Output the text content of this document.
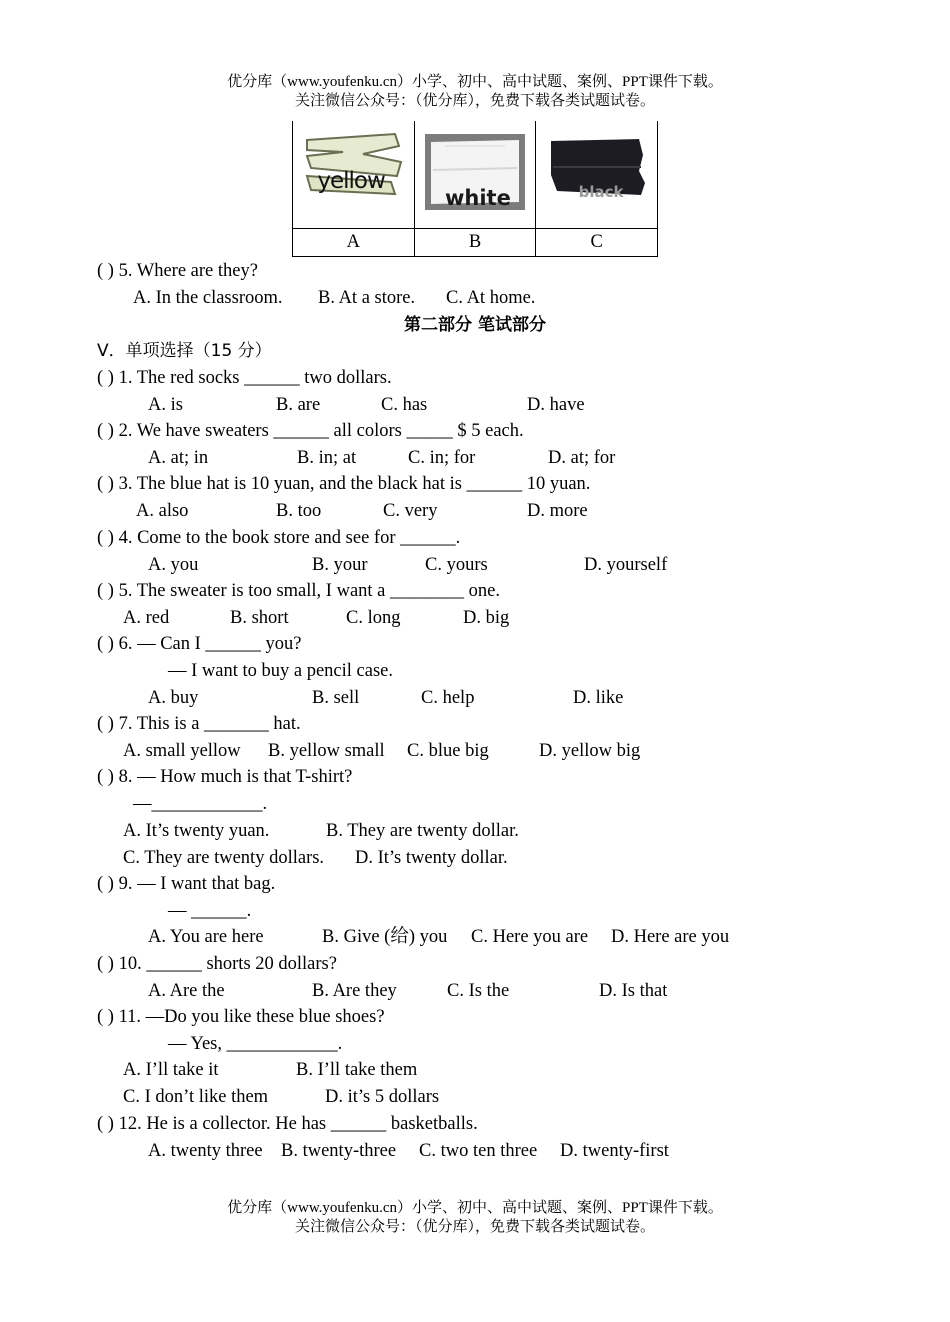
优分库（www.youfenku.cn）小学、初中、高中试题、案例、PPT课件下载。
关注微信公众号：（优分库），免费下载各类试题试卷。
yellow	white	black

A	B	C
( ) 5. Where are they?
A. In the classroom. B. At a store. C. At home.
第二部分 笔试部分
Ⅴ．单项选择（15 分）
( ) 1. The red socks ______ two dollars.
A. is	B. are	C. has	D. have
( ) 2. We have sweaters ______ all colors _____ $ 5 each.
A. at; in	B. in; at	C. in; for	D. at; for
( ) 3. The blue hat is 10 yuan, and the black hat is ______ 10 yuan.
A. also	B. too	C. very	D. more
( ) 4. Come to the book store and see for ______.
A. you	B. your	C. yours	D. yourself
( ) 5. The sweater is too small, I want a ________ one.
A. red	B. short	C. long	D. big
( ) 6. — Can I ______ you?
— I want to buy a pencil case.
A. buy	B. sell	C. help	D. like
( ) 7. This is a _______ hat.
A. small yellow B. yellow small C. blue big	D. yellow big
( ) 8. — How much is that T-shirt?
—____________.
A. It’s twenty yuan.	B. They are twenty dollar.
C. They are twenty dollars. D. It’s twenty dollar.
( ) 9. — I want that bag.
— ______.
A. You are here	B. Give (给) you C. Here you are D. Here are you
( ) 10. ______ shorts 20 dollars?
A. Are the	B. Are they	C. Is the	D. Is that
( ) 11. —Do you like these blue shoes?
— Yes, ____________.
A. I’ll take it	B. I’ll take them
C. I don’t like them	D. it’s 5 dollars
( ) 12. He is a collector. He has ______ basketballs.
A. twenty three B. twenty-three C. two ten three D. twenty-first
优分库（www.youfenku.cn）小学、初中、高中试题、案例、PPT课件下载。
关注微信公众号：（优分库），免费下载各类试题试卷。
